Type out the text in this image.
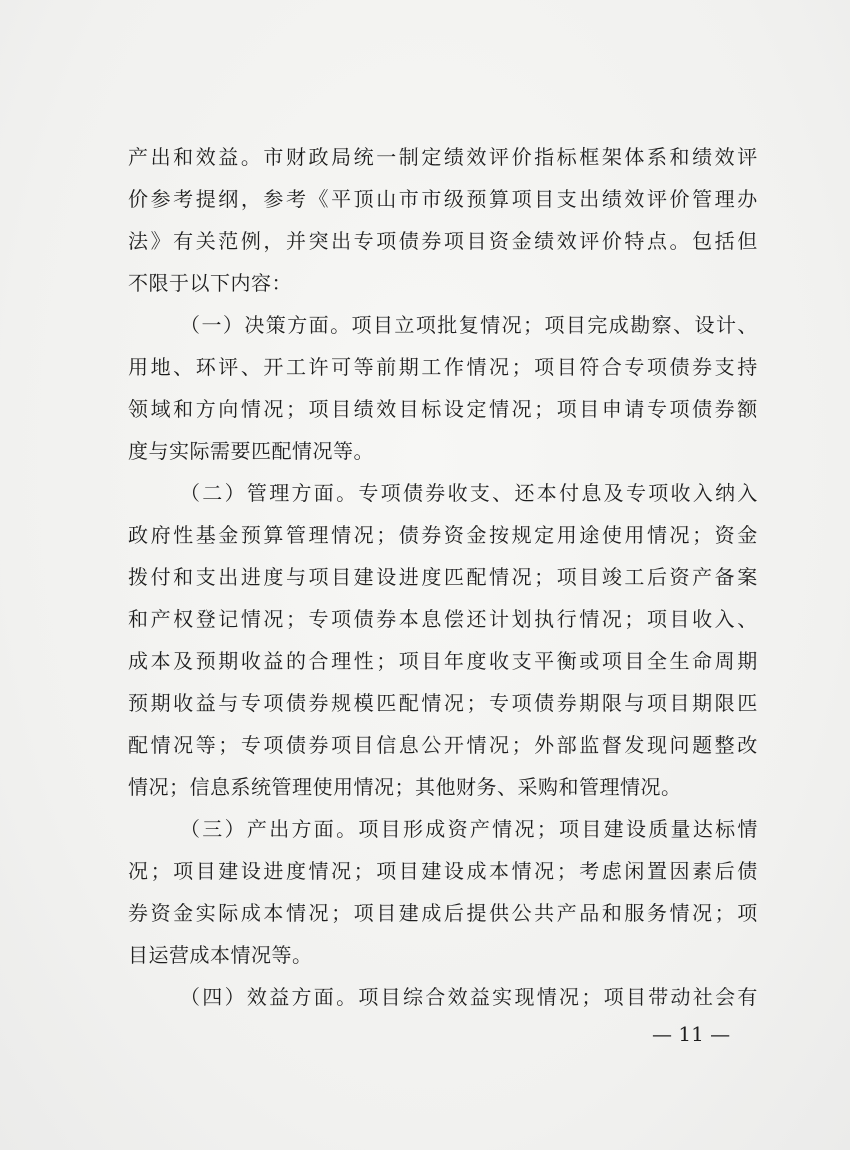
产 出 和 效 益 。 市 财 政 局 统 一 制 定 绩 效 评 价 指 标 框 架 体 系 和 绩 效 评
价 参 考 提 纲 ， 参 考 《 平 顶 山 市 市 级 预 算 项 目 支 出 绩 效 评 价 管 理 办
法 》 有 关 范 例 ， 并 突 出 专 项 债 券 项 目 资 金 绩 效 评 价 特 点 。 包 括 但
不限于以下内容：
（ 一 ） 决 策 方 面 。 项 目 立 项 批 复 情 况 ； 项 目 完 成 勘 察 、 设 计 、
用 地 、 环 评 、 开 工 许 可 等 前 期 工 作 情 况 ； 项 目 符 合 专 项 债 券 支 持
领 域 和 方 向 情 况 ； 项 目 绩 效 目 标 设 定 情 况 ； 项 目 申 请 专 项 债 券 额
度与实际需要匹配情况等。
（ 二 ） 管 理 方 面 。 专 项 债 券 收 支 、 还 本 付 息 及 专 项 收 入 纳 入
政 府 性 基 金 预 算 管 理 情 况 ； 债 券 资 金 按 规 定 用 途 使 用 情 况 ； 资 金
拨 付 和 支 出 进 度 与 项 目 建 设 进 度 匹 配 情 况 ； 项 目 竣 工 后 资 产 备 案
和 产 权 登 记 情 况 ； 专 项 债 券 本 息 偿 还 计 划 执 行 情 况 ； 项 目 收 入 、
成 本 及 预 期 收 益 的 合 理 性 ； 项 目 年 度 收 支 平 衡 或 项 目 全 生 命 周 期
预 期 收 益 与 专 项 债 券 规 模 匹 配 情 况 ； 专 项 债 券 期 限 与 项 目 期 限 匹
配 情 况 等 ； 专 项 债 券 项 目 信 息 公 开 情 况 ； 外 部 监 督 发 现 问 题 整 改
情况；信息系统管理使用情况；其他财务、采购和管理情况。
（ 三 ） 产 出 方 面 。 项 目 形 成 资 产 情 况 ； 项 目 建 设 质 量 达 标 情
况 ； 项 目 建 设 进 度 情 况 ； 项 目 建 设 成 本 情 况 ； 考 虑 闲 置 因 素 后 债
券 资 金 实 际 成 本 情 况 ； 项 目 建 成 后 提 供 公 共 产 品 和 服 务 情 况 ； 项
目运营成本情况等。
（ 四 ） 效 益 方 面 。 项 目 综 合 效 益 实 现 情 况 ； 项 目 带 动 社 会 有
— 11 —
